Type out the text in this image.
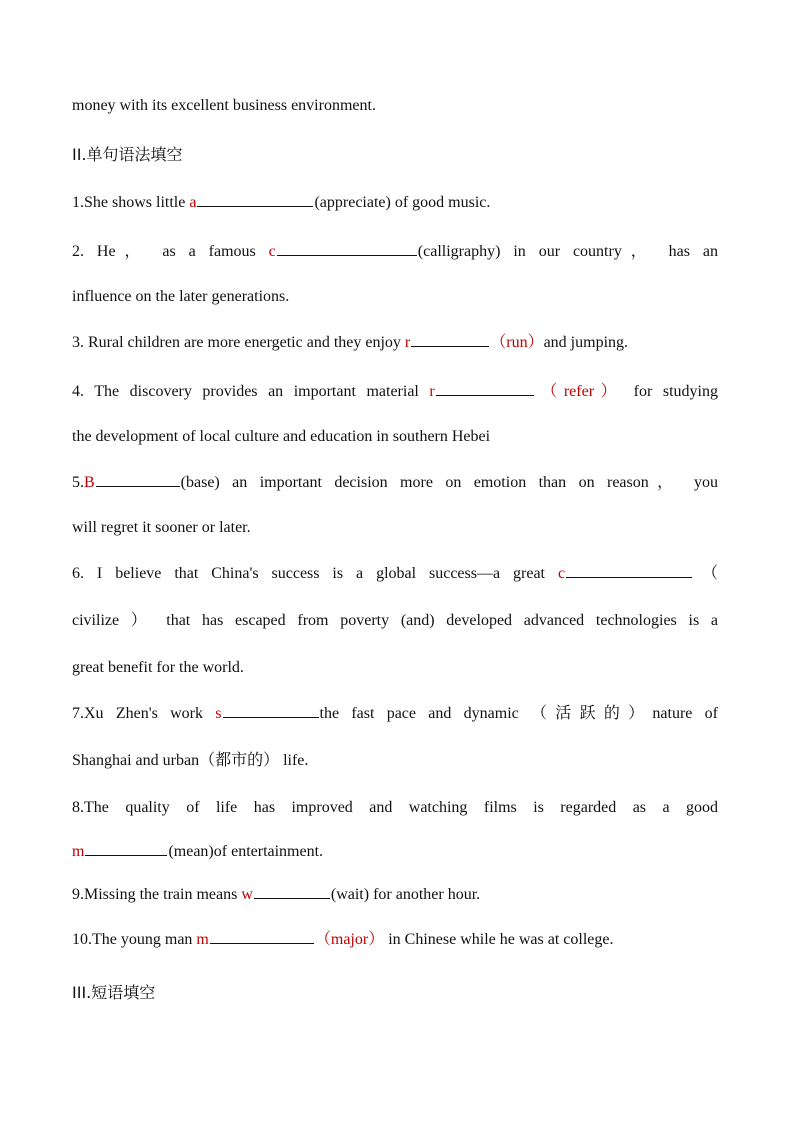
money with its excellent business environment.
II.单句语法填空
1.She shows little a	(appreciate) of good music.
2. He， as a famous c	(calligraphy) in our country， has an
influence on the later generations.
3. Rural children are more energetic and they enjoy r	（run）and jumping.
4. The discovery provides an important material r	（refer） for studying
the development of local culture and education in southern Hebei
5.B	(base) an important decision more on emotion than on reason， you
will regret it sooner or later.
6. I believe that China's success is a global success—a great c	（
civilize ） that has escaped from poverty (and) developed advanced technologies is a
great benefit for the world.
7.Xu Zhen's work s	the fast pace and dynamic （活跃的）nature of
Shanghai and urban（都市的） life.
8.The quality of life has improved and watching films is regarded as a good
m	(mean)of entertainment.
9.Missing the train means w	(wait) for another hour.
10.The young man m	（major） in Chinese while he was at college.
III.短语填空
